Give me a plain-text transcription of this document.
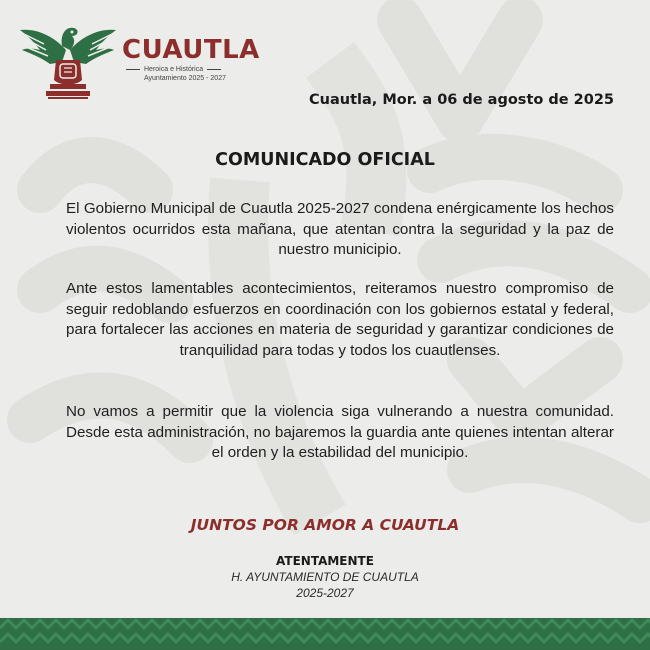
CUAUTLA
Heroica e Histórica
Ayuntamiento 2025 - 2027
Cuautla, Mor. a 06 de agosto de 2025
COMUNICADO OFICIAL
El Gobierno Municipal de Cuautla 2025-2027 condena enérgicamente los hechos violentos ocurridos esta mañana, que atentan contra la seguridad y la paz de nuestro municipio.
Ante estos lamentables acontecimientos, reiteramos nuestro compromiso de seguir redoblando esfuerzos en coordinación con los gobiernos estatal y federal, para fortalecer las acciones en materia de seguridad y garantizar condiciones de tranquilidad para todas y todos los cuautlenses.
No vamos a permitir que la violencia siga vulnerando a nuestra comunidad. Desde esta administración, no bajaremos la guardia ante quienes intentan alterar el orden y la estabilidad del municipio.
JUNTOS POR AMOR A CUAUTLA
ATENTAMENTE
H. AYUNTAMIENTO DE CUAUTLA
2025-2027
